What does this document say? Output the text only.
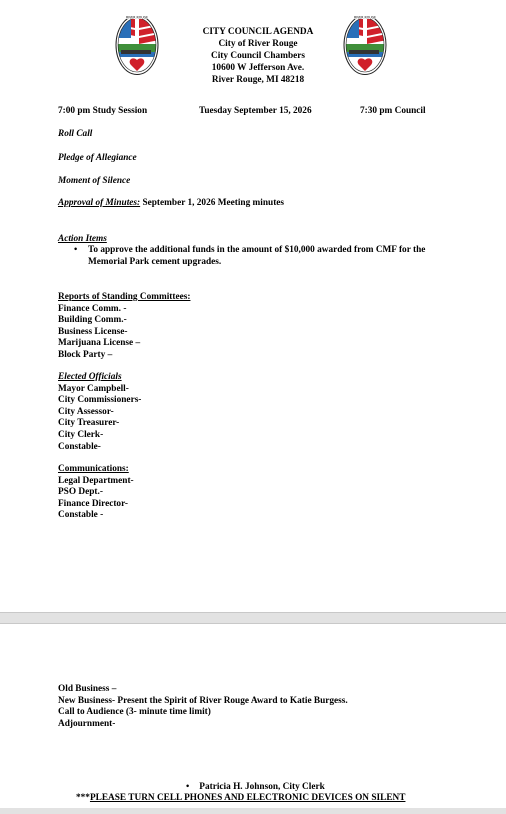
RIVER ROUGE	RIVER ROUGE
CITY COUNCIL AGENDA
City of River Rouge
City Council Chambers
10600 W Jefferson Ave.
River Rouge, MI 48218
7:00 pm Study Session	Tuesday September 15, 2026	7:30 pm Council
Roll Call
Pledge of Allegiance
Moment of Silence
Approval of Minutes: September 1, 2026 Meeting minutes
Action Items
•	To approve the additional funds in the amount of $10,000 awarded from CMF for the Memorial Park cement upgrades.
Reports of Standing Committees:
Finance Comm. -
Building Comm.-
Business License-
Marijuana License –
Block Party –
Elected Officials
Mayor Campbell-
City Commissioners-
City Assessor-
City Treasurer-
City Clerk-
Constable-
Communications:
Legal Department-
PSO Dept.-
Finance Director-
Constable -
Old Business –
New Business- Present the Spirit of River Rouge Award to Katie Burgess.
Call to Audience (3- minute time limit)
Adjournment-
• Patricia H. Johnson, City Clerk
***PLEASE TURN CELL PHONES AND ELECTRONIC DEVICES ON SILENT
